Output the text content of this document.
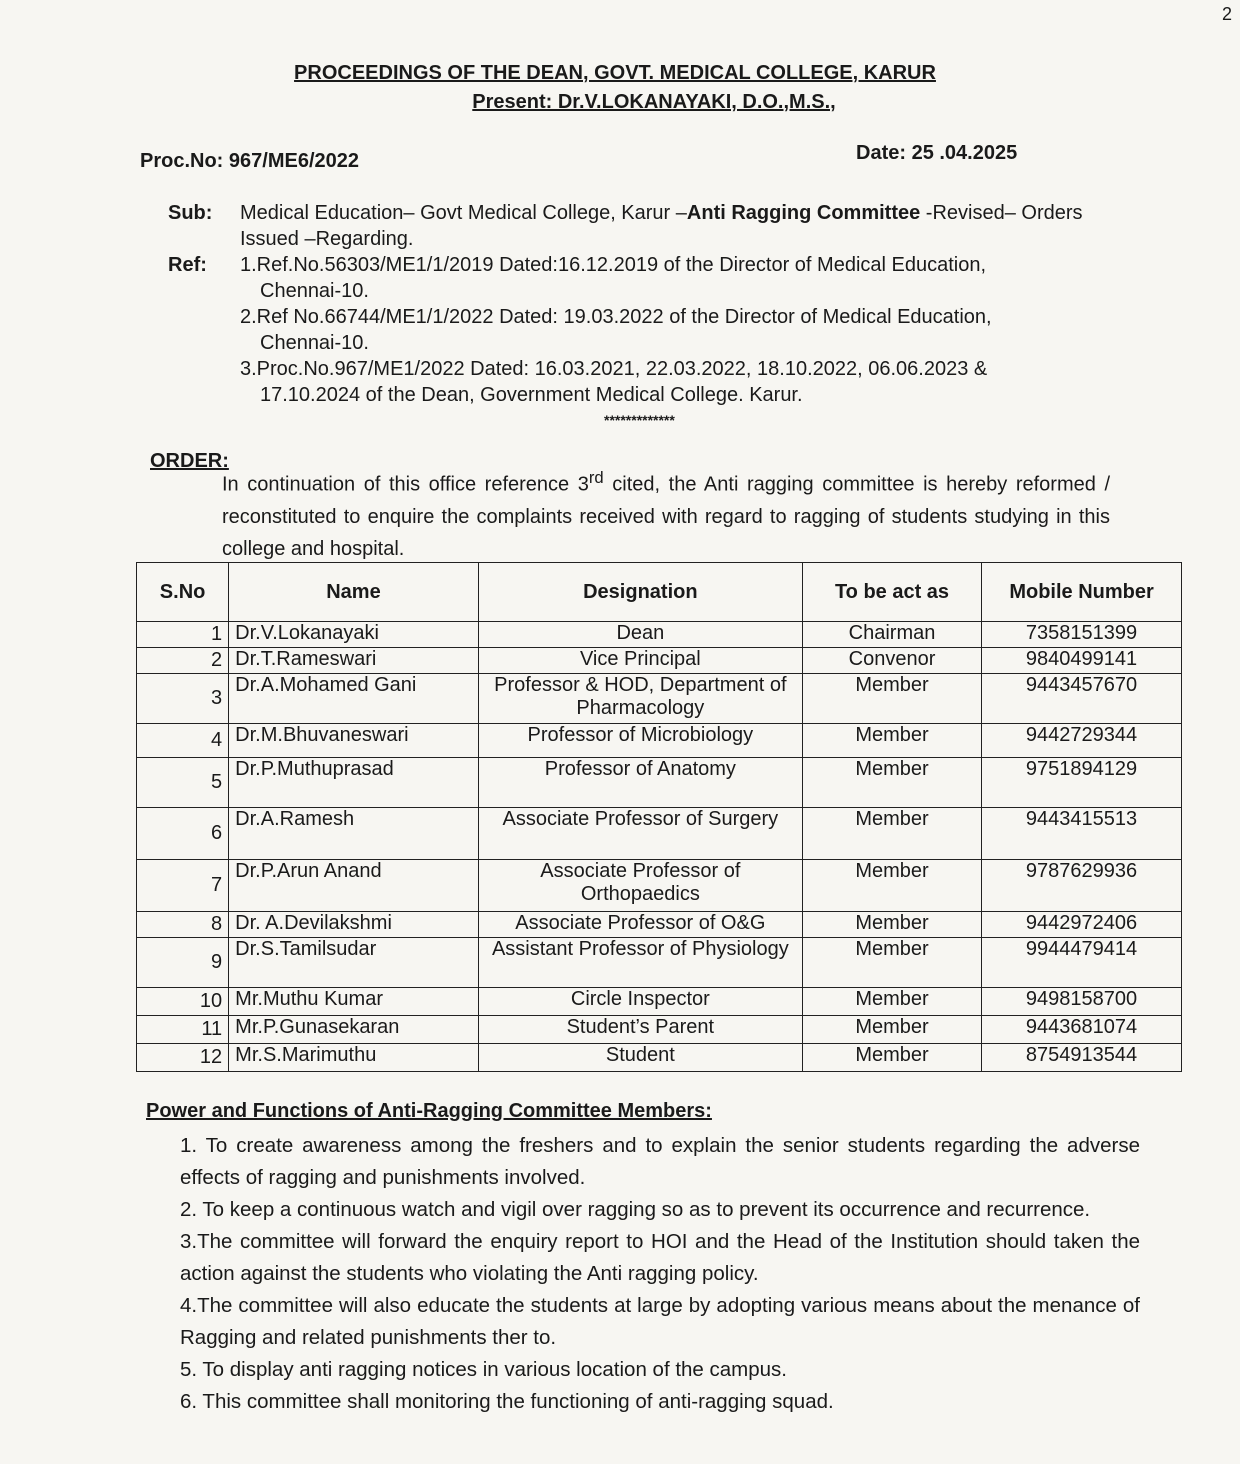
2
PROCEEDINGS OF THE DEAN, GOVT. MEDICAL COLLEGE, KARUR
Present: Dr.V.LOKANAYAKI, D.O.,M.S.,
Proc.No: 967/ME6/2022	Date: 25 .04.2025
Sub: Medical Education– Govt Medical College, Karur –Anti Ragging Committee -Revised– Orders Issued –Regarding.
Ref: 1.Ref.No.56303/ME1/1/2019 Dated:16.12.2019 of the Director of Medical Education,
Chennai-10.
2.Ref No.66744/ME1/1/2022 Dated: 19.03.2022 of the Director of Medical Education,
Chennai-10.
3.Proc.No.967/ME1/2022 Dated: 16.03.2021, 22.03.2022, 18.10.2022, 06.06.2023 &
17.10.2024 of the Dean, Government Medical College. Karur.
*************
ORDER:
In continuation of this office reference 3rd cited, the Anti ragging committee is hereby reformed / reconstituted to enquire the complaints received with regard to ragging of students studying in this college and hospital.
S.No	Name	Designation	To be act as	Mobile Number
1	Dr.V.Lokanayaki	Dean	Chairman	7358151399
2	Dr.T.Rameswari	Vice Principal	Convenor	9840499141
3	Dr.A.Mohamed Gani	Professor & HOD, Department of Pharmacology	Member	9443457670
4	Dr.M.Bhuvaneswari	Professor of Microbiology	Member	9442729344
5	Dr.P.Muthuprasad	Professor of Anatomy	Member	9751894129
6	Dr.A.Ramesh	Associate Professor of Surgery	Member	9443415513
7	Dr.P.Arun Anand	Associate Professor of Orthopaedics	Member	9787629936
8	Dr. A.Devilakshmi	Associate Professor of O&G	Member	9442972406
9	Dr.S.Tamilsudar	Assistant Professor of Physiology	Member	9944479414
10	Mr.Muthu Kumar	Circle Inspector	Member	9498158700
11	Mr.P.Gunasekaran	Student’s Parent	Member	9443681074
12	Mr.S.Marimuthu	Student	Member	8754913544
Power and Functions of Anti-Ragging Committee Members:
1. To create awareness among the freshers and to explain the senior students regarding the adverse effects of ragging and punishments involved.
2. To keep a continuous watch and vigil over ragging so as to prevent its occurrence and recurrence.
3.The committee will forward the enquiry report to HOI and the Head of the Institution should taken the action against the students who violating the Anti ragging policy.
4.The committee will also educate the students at large by adopting various means about the menance of Ragging and related punishments ther to.
5. To display anti ragging notices in various location of the campus.
6. This committee shall monitoring the functioning of anti-ragging squad.
